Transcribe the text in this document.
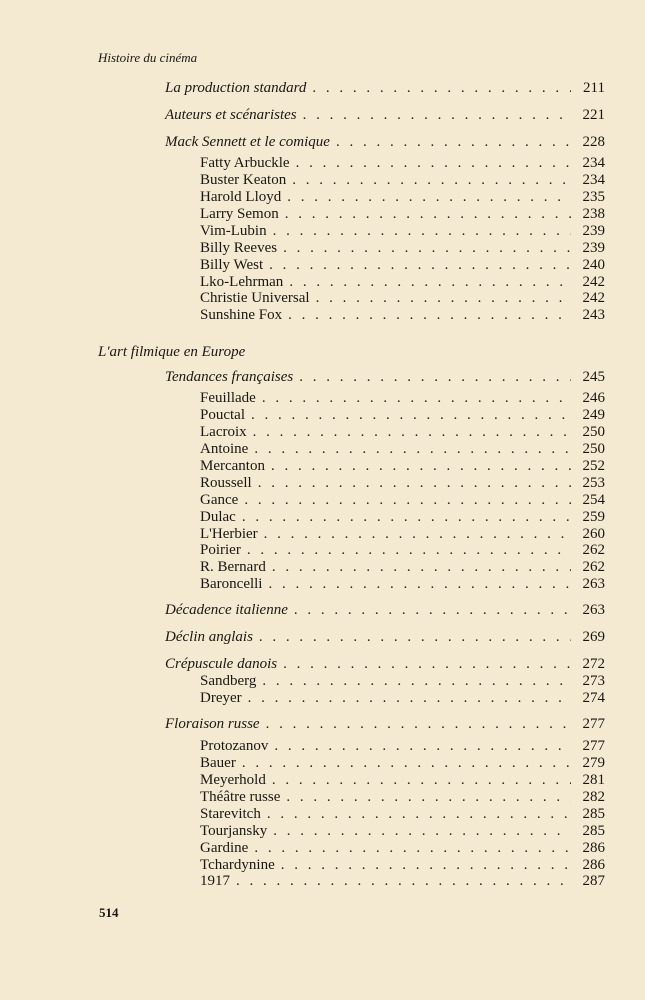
Histoire du cinéma
L'art filmique en Europe
La production standard . . .	211
Auteurs et scénaristes . . .	221
Mack Sennett et le comique . . .	228
Fatty Arbuckle . . .	234
Buster Keaton . . .	234
Harold Lloyd . . .	235
Larry Semon . . .	238
Vim-Lubin . . .	239
Billy Reeves . . .	239
Billy West . . .	240
Lko-Lehrman . . .	242
Christie Universal . . .	242
Sunshine Fox . . .	243
Tendances françaises . . .	245
Feuillade . . .	246
Pouctal . . .	249
Lacroix . . .	250
Antoine . . .	250
Mercanton . . .	252
Roussell . . .	253
Gance . . .	254
Dulac . . .	259
L'Herbier . . .	260
Poirier . . .	262
R. Bernard . . .	262
Baroncelli . . .	263
Décadence italienne . . .	263
Déclin anglais . . .	269
Crépuscule danois . . .	272
Sandberg . . .	273
Dreyer . . .	274
Floraison russe . . .	277
Protozanov . . .	277
Bauer . . .	279
Meyerhold . . .	281
Théâtre russe . . .	282
Starevitch . . .	285
Tourjansky . . .	285
Gardine . . .	286
Tchardynine . . .	286
1917 . . .	287
514
